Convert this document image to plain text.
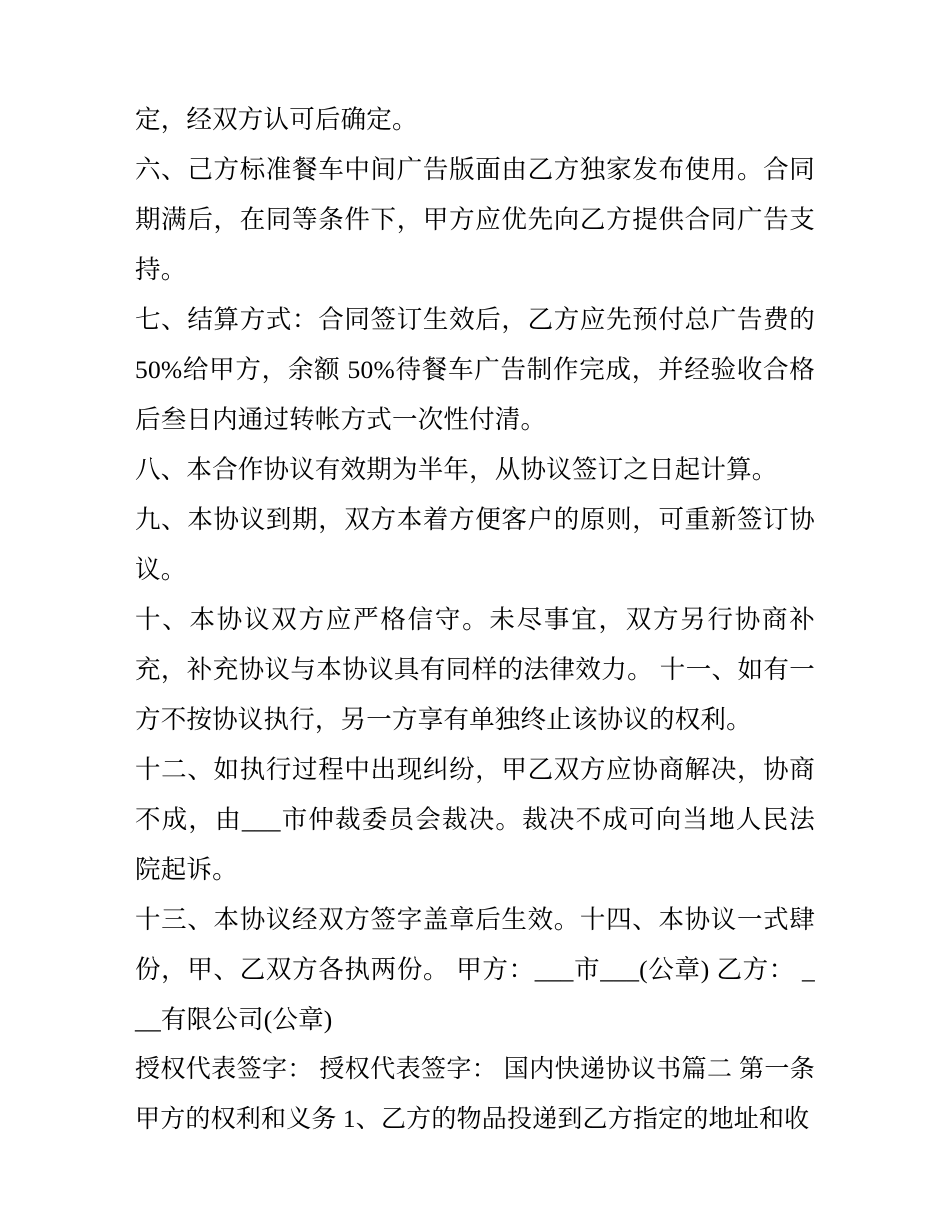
定，经双方认可后确定。

六、己方标准餐车中间广告版面由乙方独家发布使用。合同期满后，在同等条件下，甲方应优先向乙方提供合同广告支持。

七、结算方式：合同签订生效后，乙方应先预付总广告费的50%给甲方，余额 50%待餐车广告制作完成，并经验收合格后叁日内通过转帐方式一次性付清。

八、本合作协议有效期为半年，从协议签订之日起计算。

九、本协议到期，双方本着方便客户的原则，可重新签订协议。

十、本协议双方应严格信守。未尽事宜，双方另行协商补充，补充协议与本协议具有同样的法律效力。 十一、如有一方不按协议执行，另一方享有单独终止该协议的权利。

十二、如执行过程中出现纠纷，甲乙双方应协商解决，协商不成，由___市仲裁委员会裁决。裁决不成可向当地人民法院起诉。

十三、本协议经双方签字盖章后生效。十四、本协议一式肆份，甲、乙双方各执两份。 甲方：___市___(公章) 乙方： ___有限公司(公章)

授权代表签字： 授权代表签字： 国内快递协议书篇二 第一条 甲方的权利和义务 1、乙方的物品投递到乙方指定的地址和收
